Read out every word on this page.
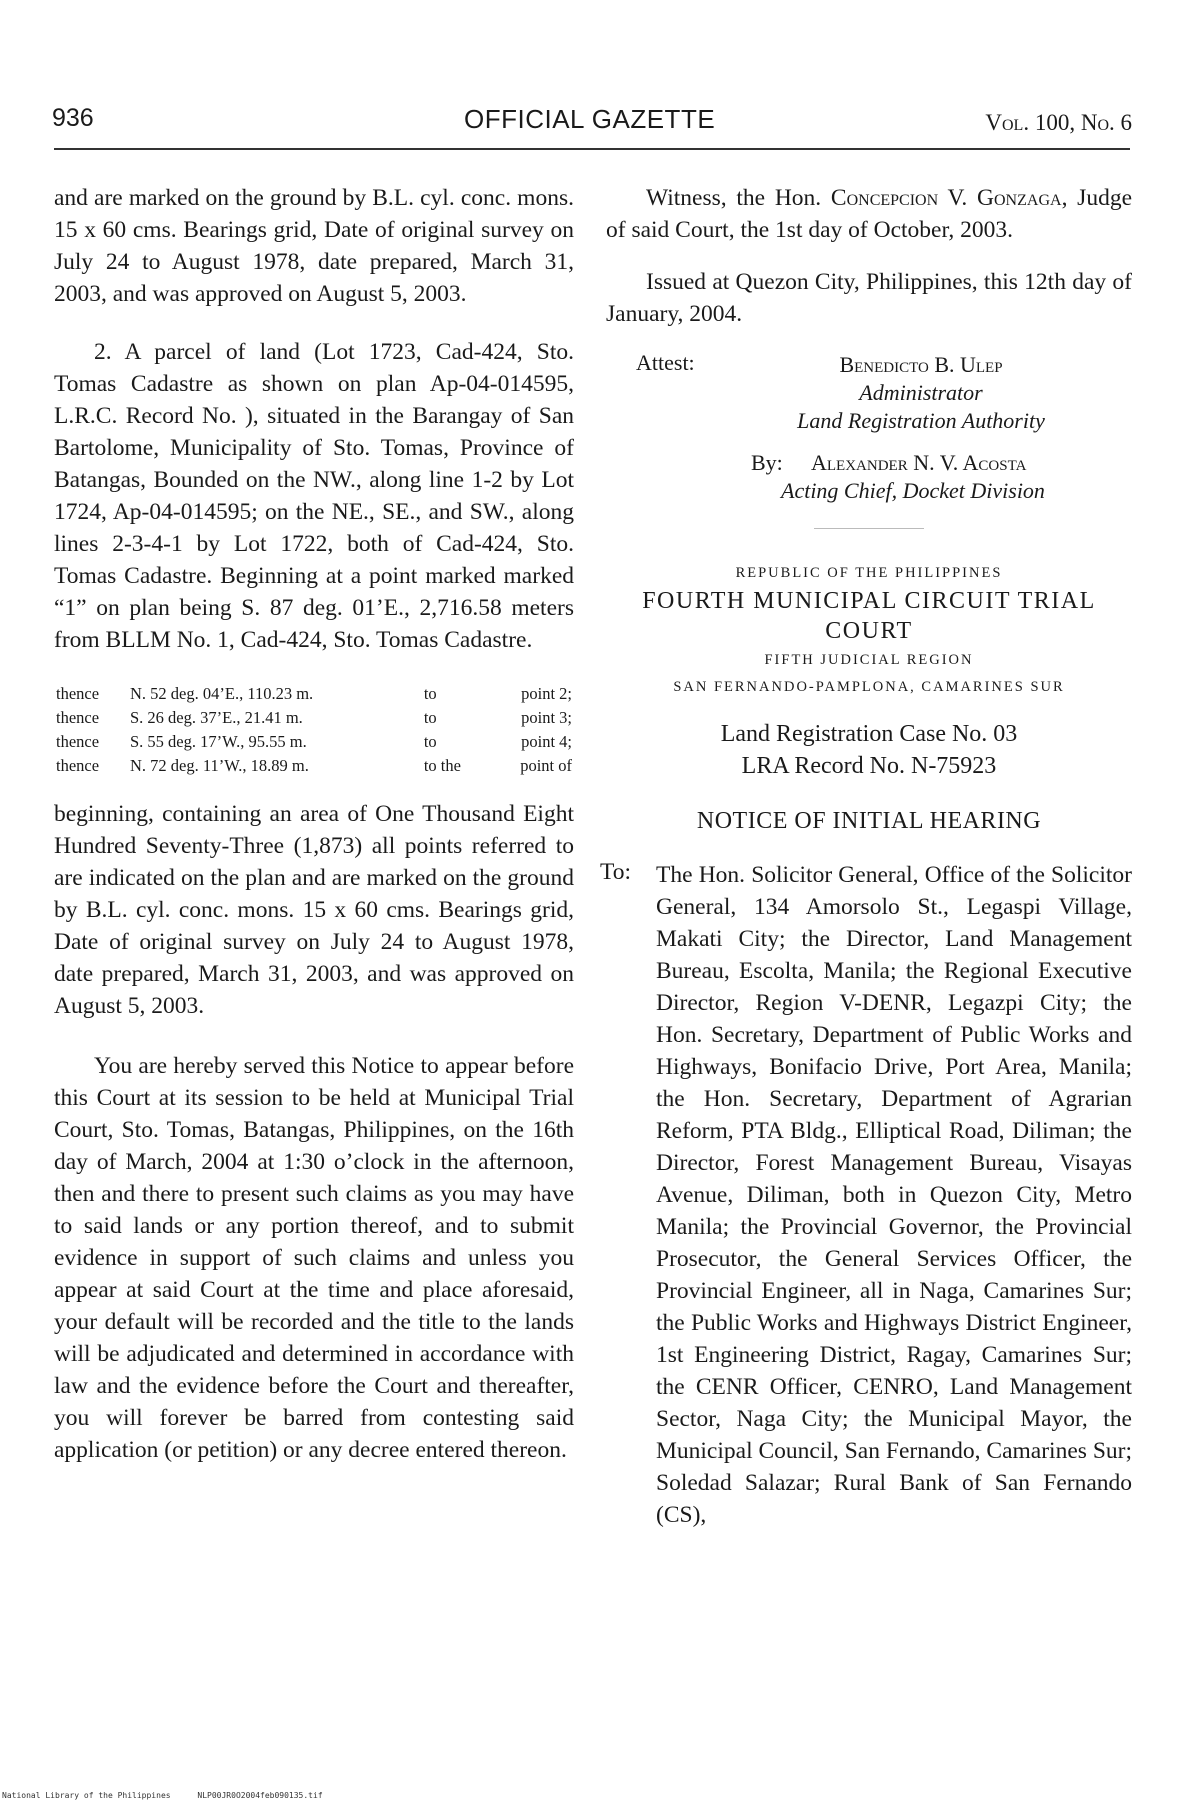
936	OFFICIAL GAZETTE	Vol. 100, No. 6

and are marked on the ground by B.L. cyl. conc. mons. 15 x 60 cms. Bearings grid, Date of original survey on July 24 to August 1978, date prepared, March 31, 2003, and was approved on August 5, 2003.

2. A parcel of land (Lot 1723, Cad-424, Sto. Tomas Cadastre as shown on plan Ap-04-014595, L.R.C. Record No. ), situated in the Barangay of San Bartolome, Municipality of Sto. Tomas, Province of Batangas, Bounded on the NW., along line 1-2 by Lot 1724, Ap-04-014595; on the NE., SE., and SW., along lines 2-3-4-1 by Lot 1722, both of Cad-424, Sto. Tomas Cadastre. Beginning at a point marked marked “1” on plan being S. 87 deg. 01’E., 2,716.58 meters from BLLM No. 1, Cad-424, Sto. Tomas Cadastre.

thence	N. 52 deg. 04’E., 110.23 m.	to	point 2;
thence	S. 26 deg. 37’E., 21.41 m.	to	point 3;
thence	S. 55 deg. 17’W., 95.55 m.	to	point 4;
thence	N. 72 deg. 11’W., 18.89 m.	to the	point of

beginning, containing an area of One Thousand Eight Hundred Seventy-Three (1,873) all points referred to are indicated on the plan and are marked on the ground by B.L. cyl. conc. mons. 15 x 60 cms. Bearings grid, Date of original survey on July 24 to August 1978, date prepared, March 31, 2003, and was approved on August 5, 2003.

You are hereby served this Notice to appear before this Court at its session to be held at Municipal Trial Court, Sto. Tomas, Batangas, Philippines, on the 16th day of March, 2004 at 1:30 o’clock in the afternoon, then and there to present such claims as you may have to said lands or any portion thereof, and to submit evidence in support of such claims and unless you appear at said Court at the time and place aforesaid, your default will be recorded and the title to the lands will be adjudicated and determined in accordance with law and the evidence before the Court and thereafter, you will forever be barred from contesting said application (or petition) or any decree entered thereon.

Witness, the Hon. Concepcion V. Gonzaga, Judge of said Court, the 1st day of October, 2003.

Issued at Quezon City, Philippines, this 12th day of January, 2004.

Attest:	Benedicto B. Ulep
Administrator
Land Registration Authority
By: Alexander N. V. Acosta
Acting Chief, Docket Division
REPUBLIC OF THE PHILIPPINES
FOURTH MUNICIPAL CIRCUIT TRIAL COURT
FIFTH JUDICIAL REGION
SAN FERNANDO-PAMPLONA, CAMARINES SUR
Land Registration Case No. 03
LRA Record No. N-75923
NOTICE OF INITIAL HEARING
To: The Hon. Solicitor General, Office of the Solicitor General, 134 Amorsolo St., Legaspi Village, Makati City; the Director, Land Management Bureau, Escolta, Manila; the Regional Executive Director, Region V-DENR, Legazpi City; the Hon. Secretary, Department of Public Works and Highways, Bonifacio Drive, Port Area, Manila; the Hon. Secretary, Department of Agrarian Reform, PTA Bldg., Elliptical Road, Diliman; the Director, Forest Management Bureau, Visayas Avenue, Diliman, both in Quezon City, Metro Manila; the Provincial Governor, the Provincial Prosecutor, the General Services Officer, the Provincial Engineer, all in Naga, Camarines Sur; the Public Works and Highways District Engineer, 1st Engineering District, Ragay, Camarines Sur; the CENR Officer, CENRO, Land Management Sector, Naga City; the Municipal Mayor, the Municipal Council, San Fernando, Camarines Sur; Soledad Salazar; Rural Bank of San Fernando (CS),

National Library of the Philippines	NLP00JR0O2004feb090135.tif
